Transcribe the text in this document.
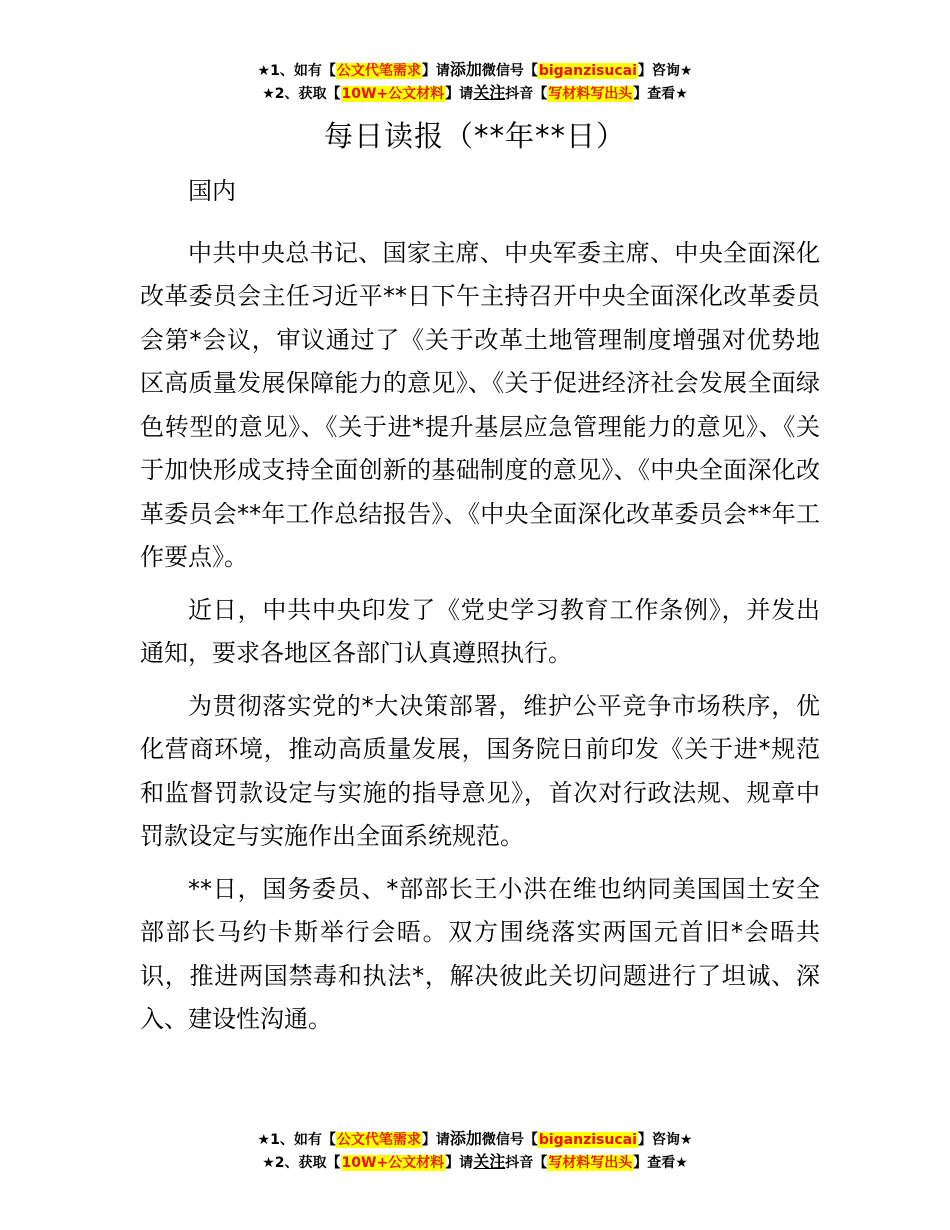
★1、如有【公文代笔需求】请添加微信号【biganzisucai】咨询★
★2、获取【10W+公文材料】请关注抖音【写材料写出头】查看★
每日读报（**年**日）

国内

中共中央总书记、国家主席、中央军委主席、中央全面深化改革委员会主任习近平**日下午主持召开中央全面深化改革委员会第*会议，审议通过了《关于改革土地管理制度增强对优势地区高质量发展保障能力的意见》、《关于促进经济社会发展全面绿色转型的意见》、《关于进*提升基层应急管理能力的意见》、《关于加快形成支持全面创新的基础制度的意见》、《中央全面深化改革委员会**年工作总结报告》、《中央全面深化改革委员会**年工作要点》。

近日，中共中央印发了《党史学习教育工作条例》，并发出通知，要求各地区各部门认真遵照执行。

为贯彻落实党的*大决策部署，维护公平竞争市场秩序，优化营商环境，推动高质量发展，国务院日前印发《关于进*规范和监督罚款设定与实施的指导意见》，首次对行政法规、规章中罚款设定与实施作出全面系统规范。

**日，国务委员、*部部长王小洪在维也纳同美国国土安全部部长马约卡斯举行会晤。双方围绕落实两国元首旧*会晤共识，推进两国禁毒和执法*，解决彼此关切问题进行了坦诚、深入、建设性沟通。

★1、如有【公文代笔需求】请添加微信号【biganzisucai】咨询★
★2、获取【10W+公文材料】请关注抖音【写材料写出头】查看★
